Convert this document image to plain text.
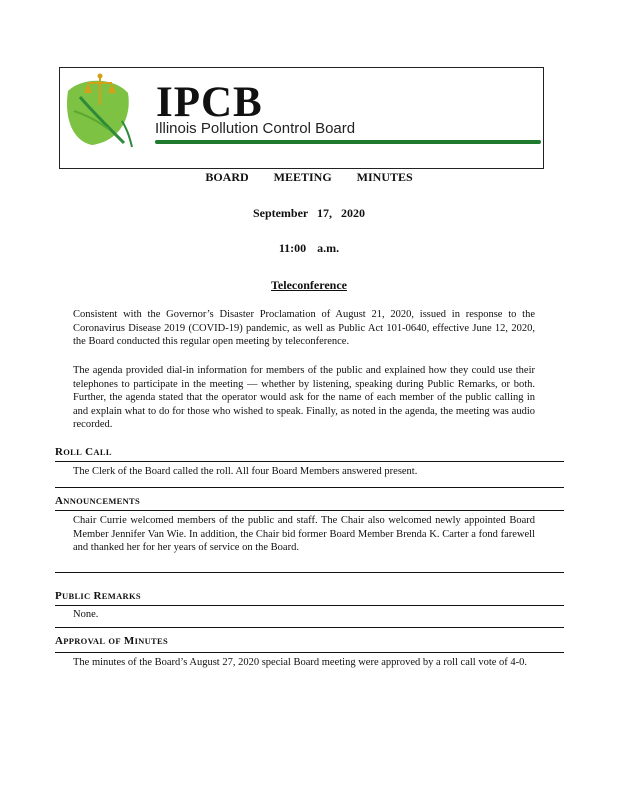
IPCB
Illinois Pollution Control Board
BOARD MEETING MINUTES
September 17, 2020
11:00 a.m.
Teleconference
Consistent with the Governor’s Disaster Proclamation of August 21, 2020, issued in response to the Coronavirus Disease 2019 (COVID-19) pandemic, as well as Public Act 101-0640, effective June 12, 2020, the Board conducted this regular open meeting by teleconference.
The agenda provided dial-in information for members of the public and explained how they could use their telephones to participate in the meeting — whether by listening, speaking during Public Remarks, or both. Further, the agenda stated that the operator would ask for the name of each member of the public calling in and explain what to do for those who wished to speak. Finally, as noted in the agenda, the meeting was audio recorded.
ROLL CALL
The Clerk of the Board called the roll. All four Board Members answered present.
ANNOUNCEMENTS
Chair Currie welcomed members of the public and staff. The Chair also welcomed newly appointed Board Member Jennifer Van Wie. In addition, the Chair bid former Board Member Brenda K. Carter a fond farewell and thanked her for her years of service on the Board.
PUBLIC REMARKS
None.
APPROVAL OF MINUTES
The minutes of the Board’s August 27, 2020 special Board meeting were approved by a roll call vote of 4-0.
